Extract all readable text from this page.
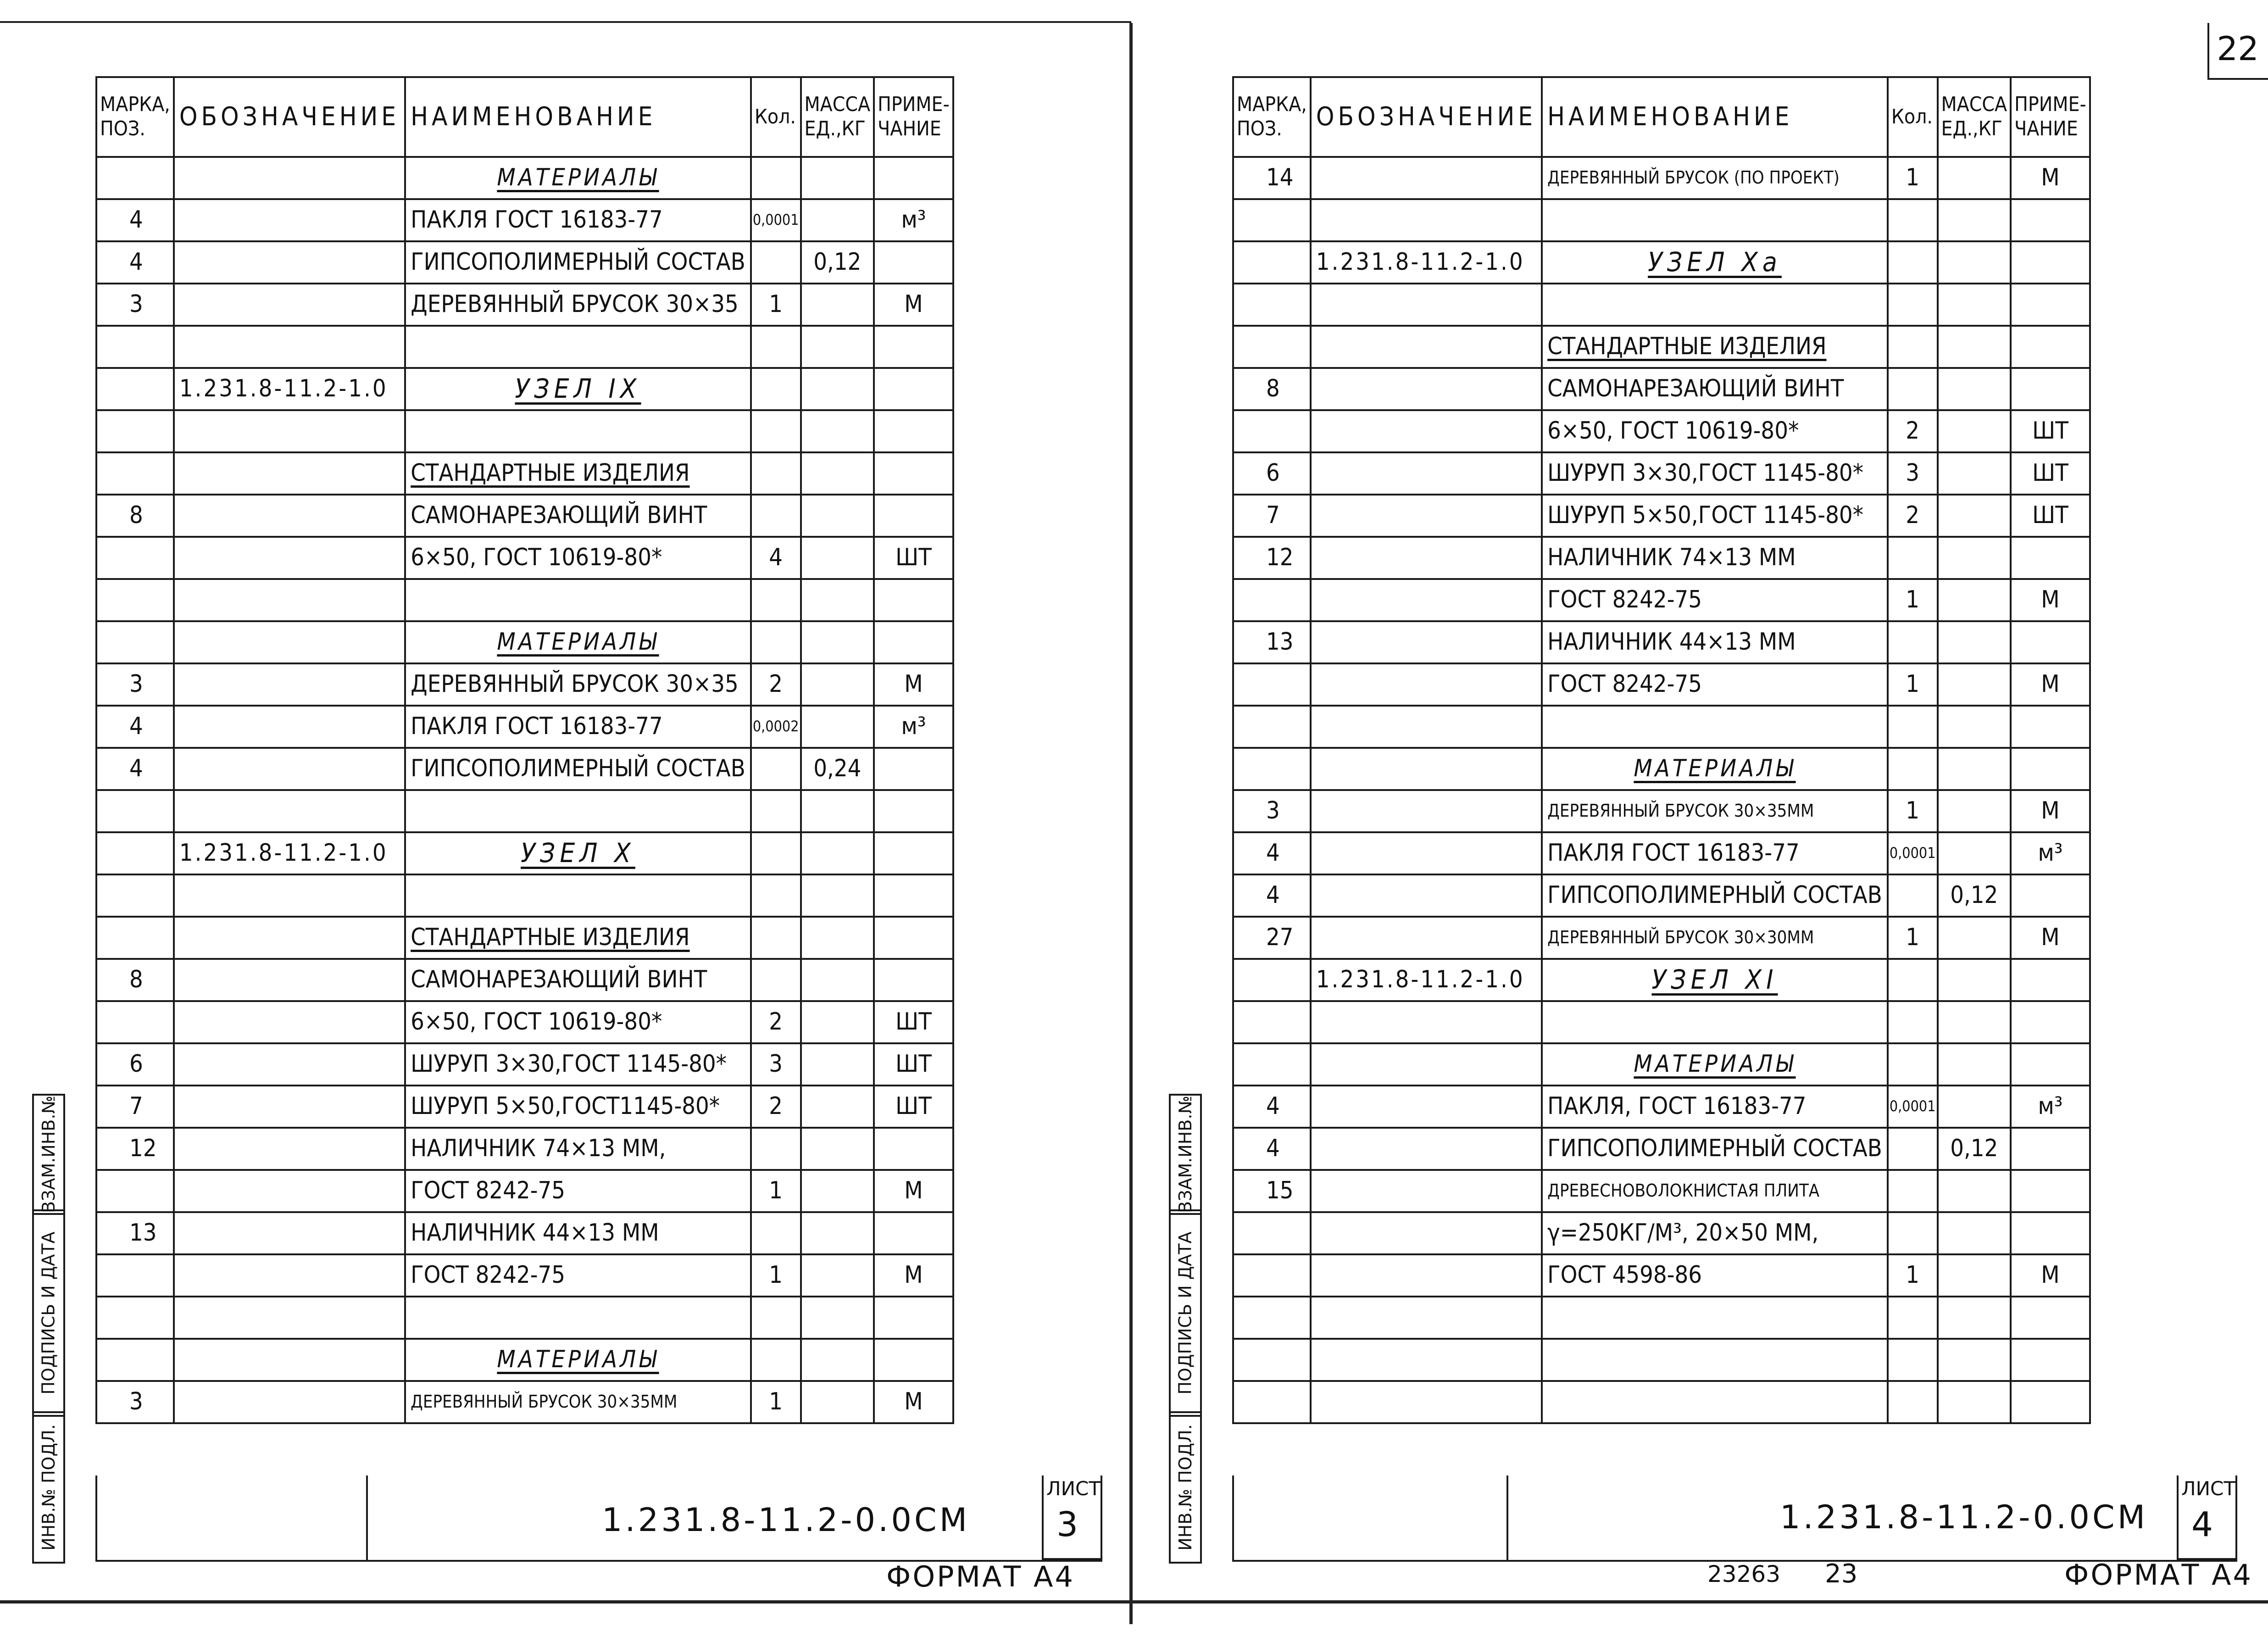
22
МАРКА, ПОЗ.	ОБОЗНАЧЕНИЕ	НАИМЕНОВАНИЕ	Кол.	МАССА ЕД.,КГ	ПРИМЕ- ЧАНИЕ
		МАТЕРИАЛЫ			
4		ПАКЛЯ ГОСТ 16183-77	0,0001		м³
4		ГИПСОПОЛИМЕРНЫЙ СОСТАВ		0,12	
3		ДЕРЕВЯННЫЙ БРУСОК 30×35	1		М

	1.231.8-11.2-1.0	УЗЕЛ IX			

		СТАНДАРТНЫЕ ИЗДЕЛИЯ			
8		САМОНАРЕЗАЮЩИЙ ВИНТ			
		6×50, ГОСТ 10619-80*	4		ШТ

		МАТЕРИАЛЫ			
3		ДЕРЕВЯННЫЙ БРУСОК 30×35	2		М
4		ПАКЛЯ ГОСТ 16183-77	0,0002		м³
4		ГИПСОПОЛИМЕРНЫЙ СОСТАВ		0,24	

	1.231.8-11.2-1.0	УЗЕЛ X			

		СТАНДАРТНЫЕ ИЗДЕЛИЯ			
8		САМОНАРЕЗАЮЩИЙ ВИНТ			
		6×50, ГОСТ 10619-80*	2		ШТ
6		ШУРУП 3×30,ГОСТ 1145-80*	3		ШТ
7		ШУРУП 5×50,ГОСТ1145-80*	2		ШТ
12		НАЛИЧНИК 74×13 ММ,			
		ГОСТ 8242-75	1		М
13		НАЛИЧНИК 44×13 ММ			
		ГОСТ 8242-75	1		М

		МАТЕРИАЛЫ			
3		ДЕРЕВЯННЫЙ БРУСОК 30×35ММ	1		М
1.231.8-11.2-0.0СМ
ЛИСТ
3
ФОРМАТ А4
ИНВ.№ ПОДЛ.
ПОДПИСЬ И ДАТА
ВЗАМ.ИНВ.№
МАРКА, ПОЗ.	ОБОЗНАЧЕНИЕ	НАИМЕНОВАНИЕ	Кол.	МАССА ЕД.,КГ	ПРИМЕ- ЧАНИЕ
14		ДЕРЕВЯННЫЙ БРУСОК (ПО ПРОЕКТ)	1		М

	1.231.8-11.2-1.0	УЗЕЛ Xа			

		СТАНДАРТНЫЕ ИЗДЕЛИЯ			
8		САМОНАРЕЗАЮЩИЙ ВИНТ			
		6×50, ГОСТ 10619-80*	2		ШТ
6		ШУРУП 3×30,ГОСТ 1145-80*	3		ШТ
7		ШУРУП 5×50,ГОСТ 1145-80*	2		ШТ
12		НАЛИЧНИК 74×13 ММ			
		ГОСТ 8242-75	1		М
13		НАЛИЧНИК 44×13 ММ			
		ГОСТ 8242-75	1		М

		МАТЕРИАЛЫ			
3		ДЕРЕВЯННЫЙ БРУСОК 30×35ММ	1		М
4		ПАКЛЯ ГОСТ 16183-77	0,0001		м³
4		ГИПСОПОЛИМЕРНЫЙ СОСТАВ		0,12	
27		ДЕРЕВЯННЫЙ БРУСОК 30×30ММ	1		М
	1.231.8-11.2-1.0	УЗЕЛ XI			

		МАТЕРИАЛЫ			
4		ПАКЛЯ, ГОСТ 16183-77	0,0001		м³
4		ГИПСОПОЛИМЕРНЫЙ СОСТАВ		0,12	
15		ДРЕВЕСНОВОЛОКНИСТАЯ ПЛИТА			
		γ=250КГ/М³, 20×50 ММ,			
		ГОСТ 4598-86	1		М

1.231.8-11.2-0.0СМ
ЛИСТ
4
23263 23	ФОРМАТ А4
ИНВ.№ ПОДЛ.
ПОДПИСЬ И ДАТА
ВЗАМ.ИНВ.№
